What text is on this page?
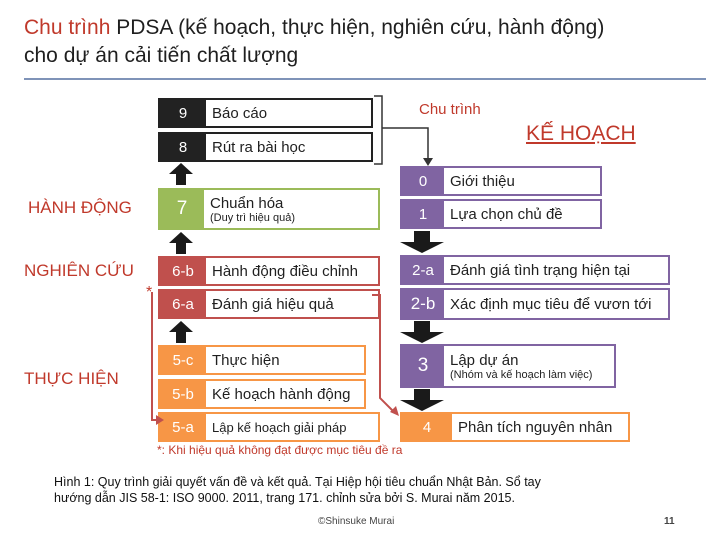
Chu trình PDSA (kế hoạch, thực hiện, nghiên cứu, hành động)
cho dự án cải tiến chất lượng
KẾ HOẠCH
HÀNH ĐỘNG
NGHIÊN CỨU
THỰC HIỆN
Chu trình
*
9	Báo cáo
8	Rút ra bài học
7	Chuẩn hóa
(Duy trì hiệu quả)
6-b	Hành động điều chỉnh
6-a	Đánh giá hiệu quả
5-c	Thực hiện
5-b	Kế hoạch hành động
5-a	Lập kế hoạch giải pháp
0	Giới thiệu
1	Lựa chọn chủ đề
2-a	Đánh giá tình trạng hiện tại
2-b Xác định mục tiêu để vươn tới
3	Lập dự án
(Nhóm và kế hoạch làm việc)
4	Phân tích nguyên nhân
*: Khi hiệu quả không đạt được mục tiêu đề ra
Hình 1: Quy trình giải quyết vấn đề và kết quả. Tại Hiệp hội tiêu chuẩn Nhật Bản. Sổ tay
hướng dẫn JIS 58-1: ISO 9000. 2011, trang 171. chỉnh sửa bởi S. Murai năm 2015.
©Shinsuke Murai	11
